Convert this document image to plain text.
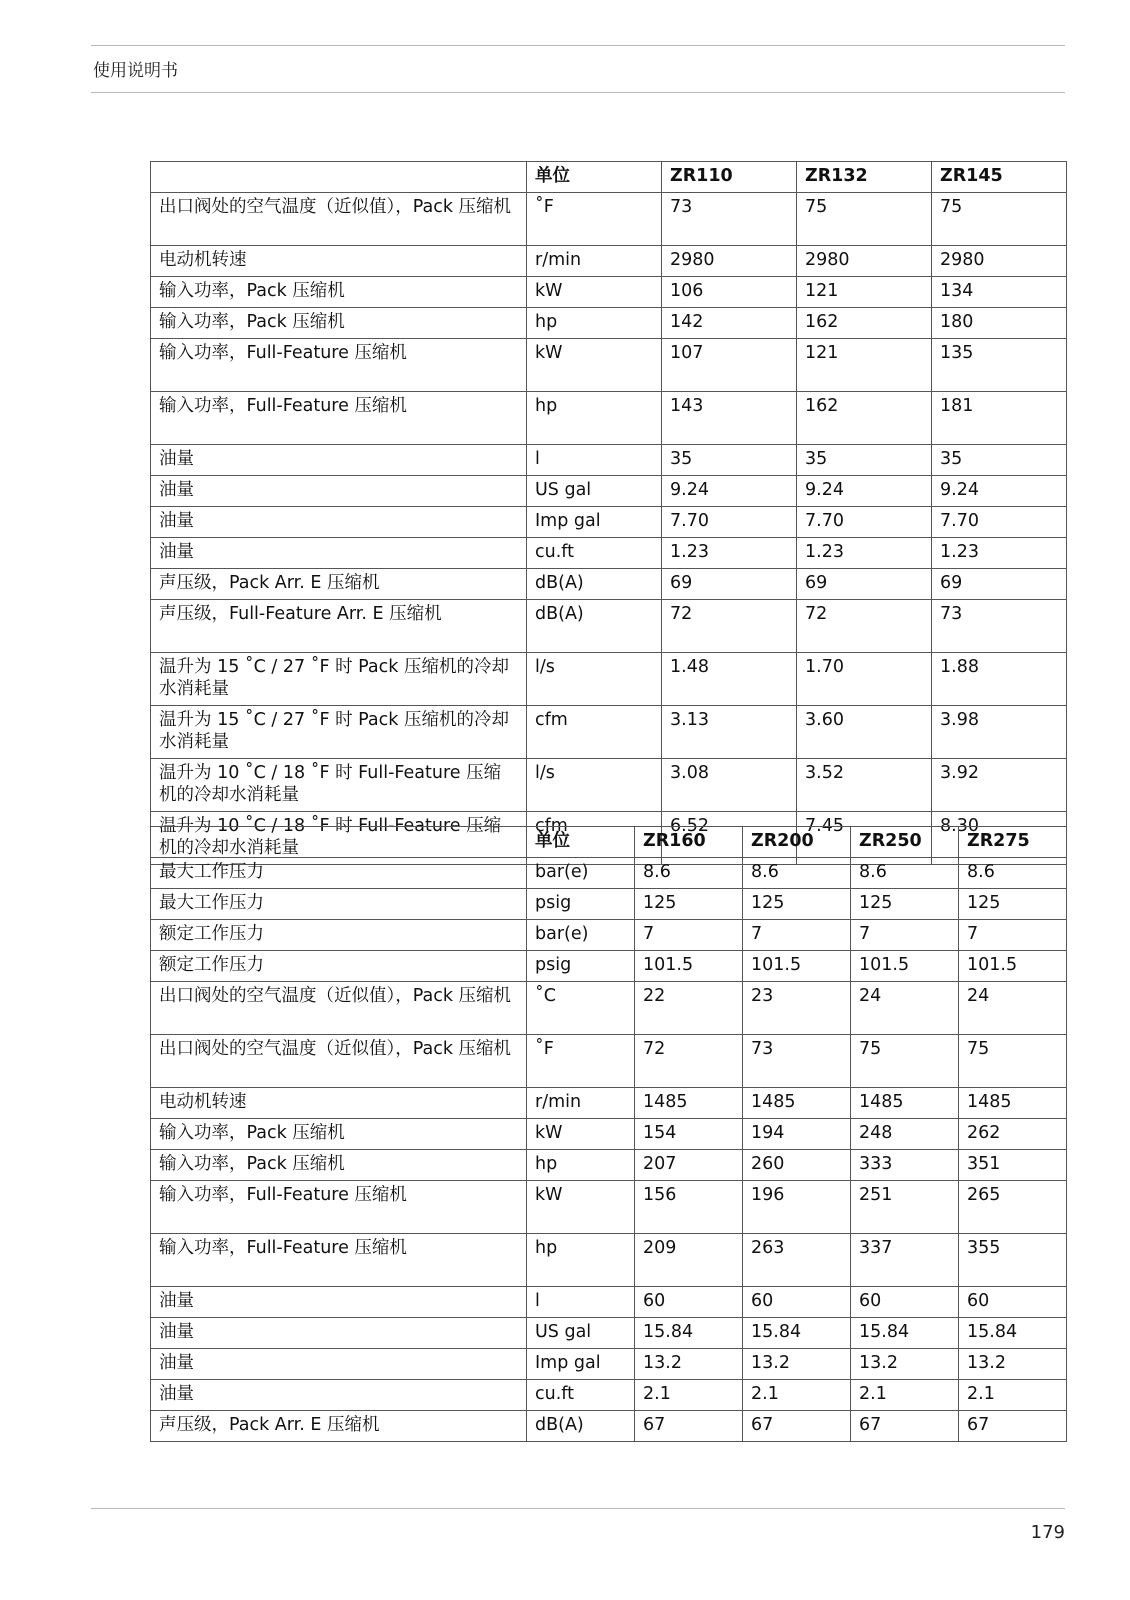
使用说明书
	单位	ZR110	ZR132	ZR145
出口阀处的空气温度（近似值），Pack 压缩机	˚F	73	75	75
电动机转速	r/min	2980	2980	2980
输入功率，Pack 压缩机	kW	106	121	134
输入功率，Pack 压缩机	hp	142	162	180
输入功率，Full-Feature 压缩机	kW	107	121	135
输入功率，Full-Feature 压缩机	hp	143	162	181
油量	l	35	35	35
油量	US gal	9.24	9.24	9.24
油量	Imp gal	7.70	7.70	7.70
油量	cu.ft	1.23	1.23	1.23
声压级，Pack Arr. E 压缩机	dB(A)	69	69	69
声压级，Full-Feature Arr. E 压缩机	dB(A)	72	72	73
温升为 15 ˚C / 27 ˚F 时 Pack 压缩机的冷却水消耗量	l/s	1.48	1.70	1.88
温升为 15 ˚C / 27 ˚F 时 Pack 压缩机的冷却水消耗量	cfm	3.13	3.60	3.98
温升为 10 ˚C / 18 ˚F 时 Full-Feature 压缩机的冷却水消耗量	l/s	3.08	3.52	3.92
温升为 10 ˚C / 18 ˚F 时 Full-Feature 压缩机的冷却水消耗量	cfm	6.52	7.45	8.30
	单位	ZR160	ZR200	ZR250	ZR275
最大工作压力	bar(e)	8.6	8.6	8.6	8.6
最大工作压力	psig	125	125	125	125
额定工作压力	bar(e)	7	7	7	7
额定工作压力	psig	101.5	101.5	101.5	101.5
出口阀处的空气温度（近似值），Pack 压缩机	˚C	22	23	24	24
出口阀处的空气温度（近似值），Pack 压缩机	˚F	72	73	75	75
电动机转速	r/min	1485	1485	1485	1485
输入功率，Pack 压缩机	kW	154	194	248	262
输入功率，Pack 压缩机	hp	207	260	333	351
输入功率，Full-Feature 压缩机	kW	156	196	251	265
输入功率，Full-Feature 压缩机	hp	209	263	337	355
油量	l	60	60	60	60
油量	US gal	15.84	15.84	15.84	15.84
油量	Imp gal	13.2	13.2	13.2	13.2
油量	cu.ft	2.1	2.1	2.1	2.1
声压级，Pack Arr. E 压缩机	dB(A)	67	67	67	67
179
